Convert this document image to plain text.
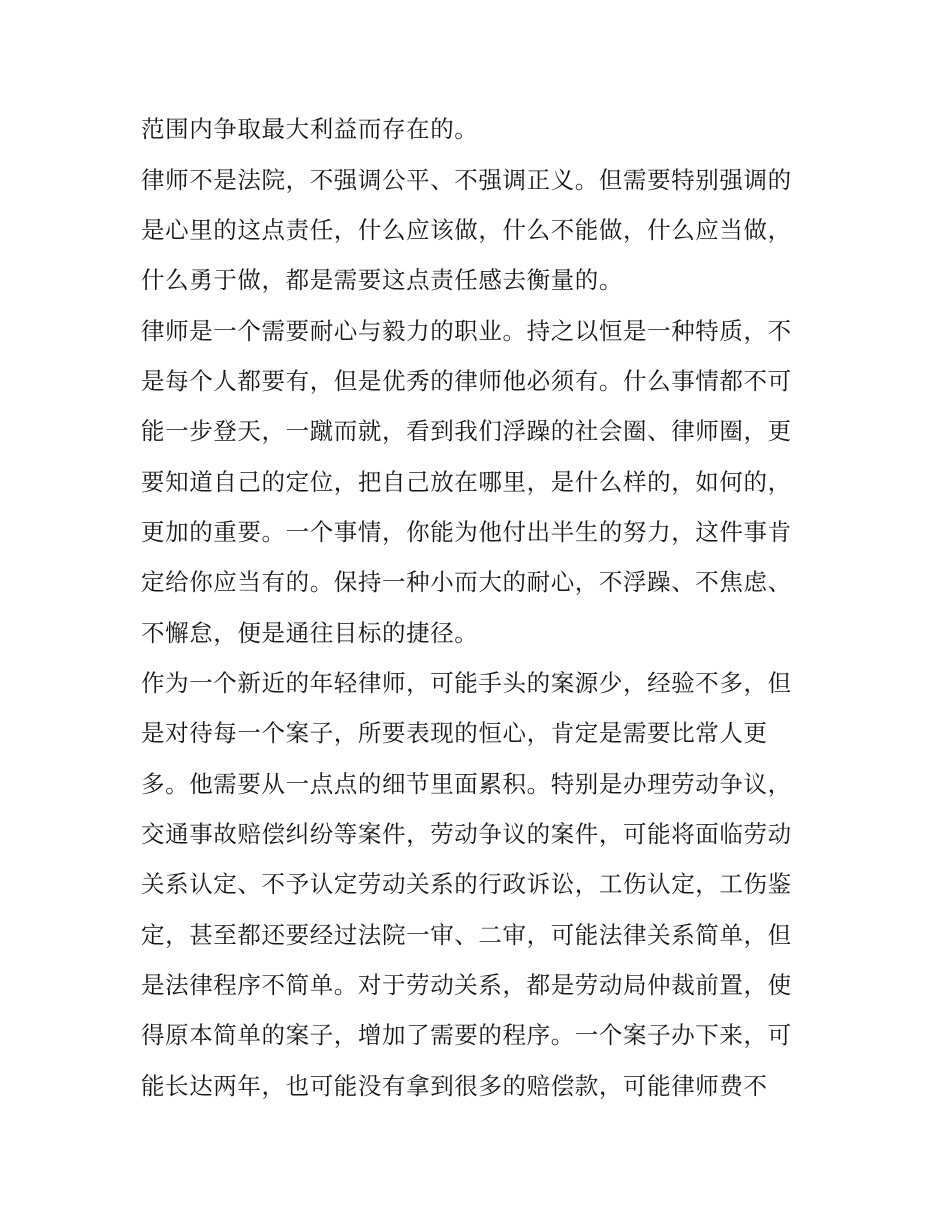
范围内争取最大利益而存在的。
律师不是法院，不强调公平、不强调正义。但需要特别强调的
是心里的这点责任，什么应该做，什么不能做，什么应当做，
什么勇于做，都是需要这点责任感去衡量的。
律师是一个需要耐心与毅力的职业。持之以恒是一种特质，不
是每个人都要有，但是优秀的律师他必须有。什么事情都不可
能一步登天，一蹴而就，看到我们浮躁的社会圈、律师圈，更
要知道自己的定位，把自己放在哪里，是什么样的，如何的，
更加的重要。一个事情，你能为他付出半生的努力，这件事肯
定给你应当有的。保持一种小而大的耐心，不浮躁、不焦虑、
不懈怠，便是通往目标的捷径。
作为一个新近的年轻律师，可能手头的案源少，经验不多，但
是对待每一个案子，所要表现的恒心，肯定是需要比常人更
多。他需要从一点点的细节里面累积。特别是办理劳动争议，
交通事故赔偿纠纷等案件，劳动争议的案件，可能将面临劳动
关系认定、不予认定劳动关系的行政诉讼，工伤认定，工伤鉴
定，甚至都还要经过法院一审、二审，可能法律关系简单，但
是法律程序不简单。对于劳动关系，都是劳动局仲裁前置，使
得原本简单的案子，增加了需要的程序。一个案子办下来，可
能长达两年，也可能没有拿到很多的赔偿款，可能律师费不
